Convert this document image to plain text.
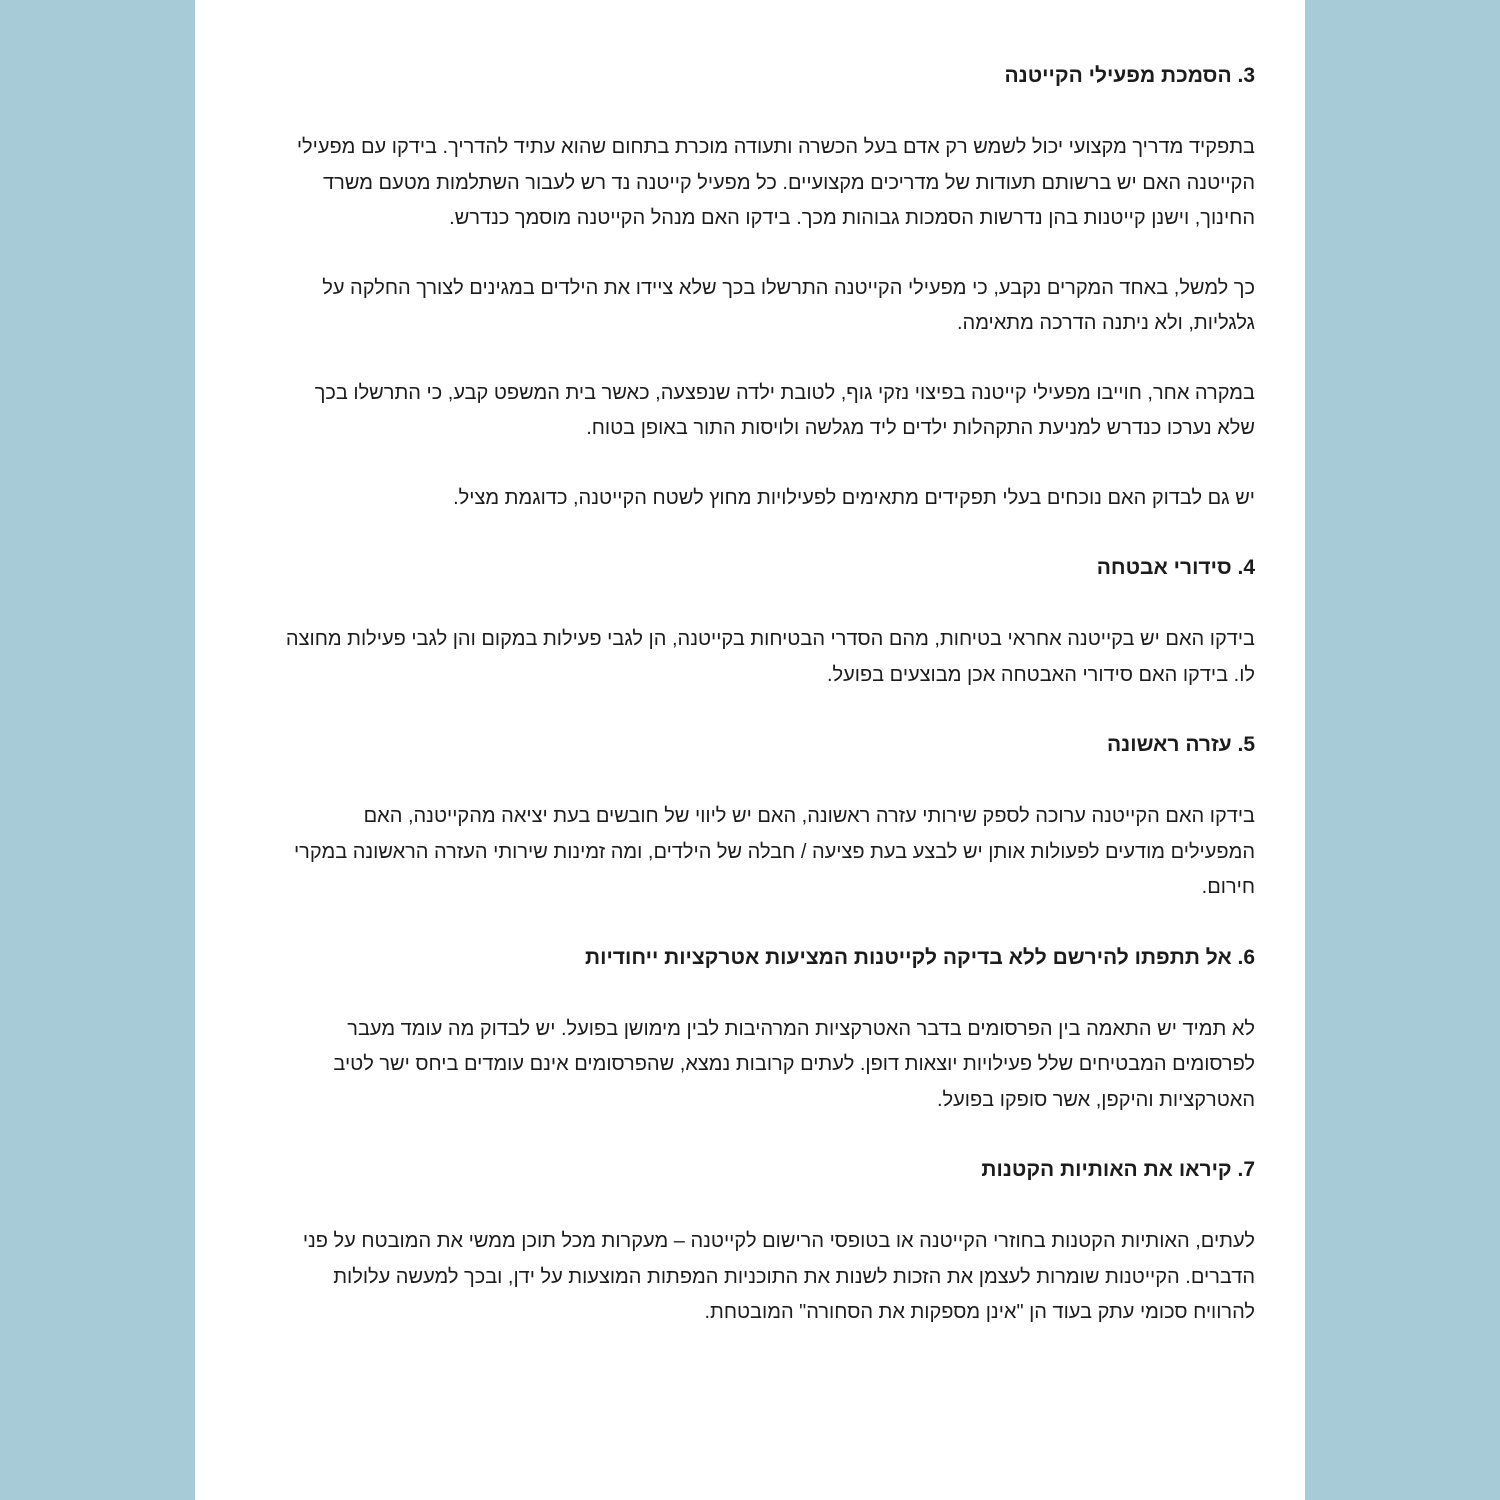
3. הסמכת מפעילי הקייטנה

בתפקיד מדריך מקצועי יכול לשמש רק אדם בעל הכשרה ותעודה מוכרת בתחום שהוא עתיד להדריך. בידקו עם מפעילי הקייטנה האם יש ברשותם תעודות של מדריכים מקצועיים. כל מפעיל קייטנה נד רש לעבור השתלמות מטעם משרד החינוך, וישנן קייטנות בהן נדרשות הסמכות גבוהות מכך. בידקו האם מנהל הקייטנה מוסמך כנדרש.

כך למשל, באחד המקרים נקבע, כי מפעילי הקייטנה התרשלו בכך שלא ציידו את הילדים במגינים לצורך החלקה על גלגליות, ולא ניתנה הדרכה מתאימה.

במקרה אחר, חוייבו מפעילי קייטנה בפיצוי נזקי גוף, לטובת ילדה שנפצעה, כאשר בית המשפט קבע, כי התרשלו בכך שלא נערכו כנדרש למניעת התקהלות ילדים ליד מגלשה ולויסות התור באופן בטוח.

יש גם לבדוק האם נוכחים בעלי תפקידים מתאימים לפעילויות מחוץ לשטח הקייטנה, כדוגמת מציל.

4. סידורי אבטחה

בידקו האם יש בקייטנה אחראי בטיחות, מהם הסדרי הבטיחות בקייטנה, הן לגבי פעילות במקום והן לגבי פעילות מחוצה לו. בידקו האם סידורי האבטחה אכן מבוצעים בפועל.

5. עזרה ראשונה

בידקו האם הקייטנה ערוכה לספק שירותי עזרה ראשונה, האם יש ליווי של חובשים בעת יציאה מהקייטנה, האם המפעילים מודעים לפעולות אותן יש לבצע בעת פציעה / חבלה של הילדים, ומה זמינות שירותי העזרה הראשונה במקרי חירום.

6. אל תתפתו להירשם ללא בדיקה לקייטנות המציעות אטרקציות ייחודיות

לא תמיד יש התאמה בין הפרסומים בדבר האטרקציות המרהיבות לבין מימושן בפועל. יש לבדוק מה עומד מעבר לפרסומים המבטיחים שלל פעילויות יוצאות דופן. לעתים קרובות נמצא, שהפרסומים אינם עומדים ביחס ישר לטיב האטרקציות והיקפן, אשר סופקו בפועל.

7. קיראו את האותיות הקטנות

לעתים, האותיות הקטנות בחוזרי הקייטנה או בטופסי הרישום לקייטנה – מעקרות מכל תוכן ממשי את המובטח על פני הדברים. הקייטנות שומרות לעצמן את הזכות לשנות את התוכניות המפתות המוצעות על ידן, ובכך למעשה עלולות להרוויח סכומי עתק בעוד הן "אינן מספקות את הסחורה" המובטחת.
